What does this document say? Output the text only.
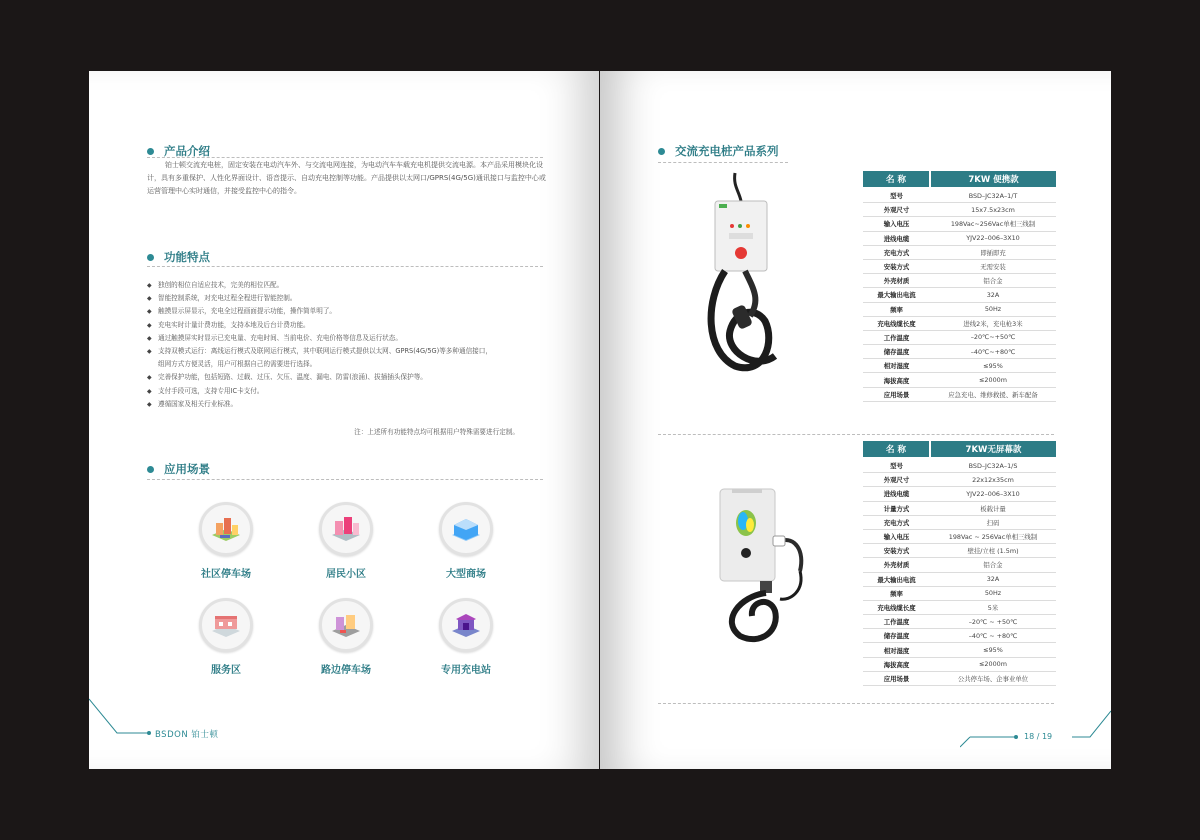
产品介绍
铂士顿交流充电桩，固定安装在电动汽车外、与交流电网连接，为电动汽车车载充电机提供交流电源。本产品采用模块化设计，具有多重保护、人性化界面设计、语音提示、自动充电控制等功能。产品提供以太网口/GPRS(4G/5G)通讯接口与监控中心或运营管理中心实时通信，并接受监控中心的指令。
功能特点
◆ 独创的相位自适应技术，完美的相位匹配。
◆ 智能控制系统，对充电过程全程进行智能控制。
◆ 触摸显示屏显示，充电全过程画面提示功能，操作简单明了。
◆ 充电实时计量计费功能，支持本地及后台计费功能。
◆ 通过触摸屏实时显示已充电量、充电时间、当前电价、充电价格等信息及运行状态。
◆ 支持双模式运行：离线运行模式及联网运行模式，其中联网运行模式提供以太网、GPRS(4G/5G)等多种通信接口，
组网方式方便灵活，用户可根据自己的需要进行选择。
◆ 完善保护功能，包括短路、过载、过压、欠压、温度、漏电、防雷(浪涌)、拔插插头保护等。
◆ 支付手段可选，支持专用IC卡支付。
◆ 遵循国家及相关行业标准。
注：上述所有功能特点均可根据用户特殊需要进行定制。
应用场景
社区停车场	居民小区	大型商场
服务区	路边停车场	专用充电站
BSDON 铂士顿
交流充电桩产品系列
名 称	7KW 便携款
型号	BSD–JC32A–1/T
外观尺寸	15x7.5x23cm
输入电压	198Vac~256Vac单相三线制
进线电缆	YJV22–006–3X10
充电方式	即插即充
安装方式	无需安装
外壳材质	铝合金
最大输出电流	32A
频率	50Hz
充电线缆长度	进线2米，充电枪3米
工作温度	–20℃~+50℃
储存温度	–40℃~+80℃
相对湿度	≤95%
海拔高度	≤2000m
应用场景	应急充电、维修救援、新车配备
名 称	7KW无屏幕款
型号	BSD–JC32A–1/S
外观尺寸	22x12x35cm
进线电缆	YJV22–006–3X10
计量方式	板载计量
充电方式	扫码
输入电压	198Vac ~ 256Vac单相三线制
安装方式	壁挂/立柱 (1.5m)
外壳材质	铝合金
最大输出电流	32A
频率	50Hz
充电线缆长度	5米
工作温度	–20℃ ~ +50℃
储存温度	–40℃ ~ +80℃
相对湿度	≤95%
海拔高度	≤2000m
应用场景	公共停车场、企事业单位
18 / 19
